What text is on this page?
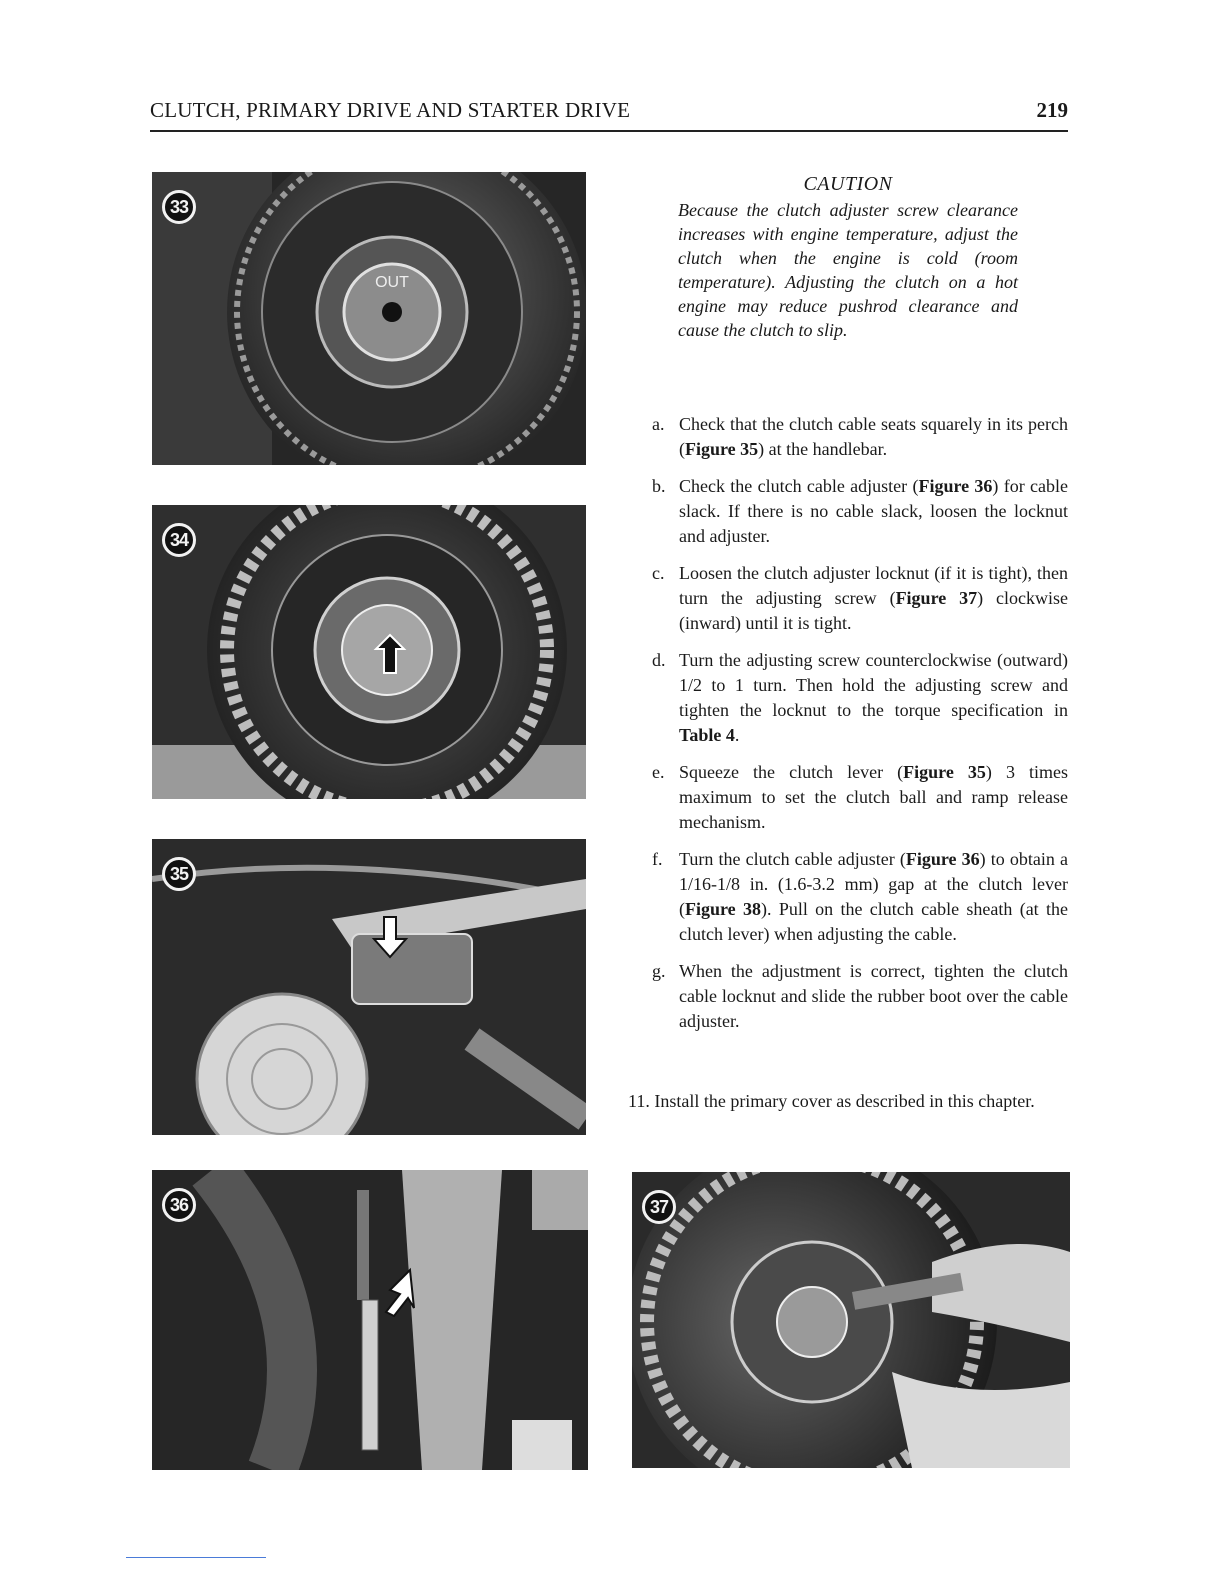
CLUTCH, PRIMARY DRIVE AND STARTER DRIVE	219
OUT
33
34
35
36	37
CAUTION
Because the clutch adjuster screw clearance increases with engine temperature, adjust the clutch when the engine is cold (room temperature). Adjusting the clutch on a hot engine may reduce pushrod clearance and cause the clutch to slip.
a. Check that the clutch cable seats squarely in its perch (Figure 35) at the handlebar.
b. Check the clutch cable adjuster (Figure 36) for cable slack. If there is no cable slack, loosen the locknut and adjuster.
c. Loosen the clutch adjuster locknut (if it is tight), then turn the adjusting screw (Figure 37) clockwise (inward) until it is tight.
d. Turn the adjusting screw counterclockwise (outward) 1/2 to 1 turn. Then hold the adjusting screw and tighten the locknut to the torque specification in Table 4.
e. Squeeze the clutch lever (Figure 35) 3 times maximum to set the clutch ball and ramp release mechanism.
f. Turn the clutch cable adjuster (Figure 36) to obtain a 1/16-1/8 in. (1.6-3.2 mm) gap at the clutch lever (Figure 38). Pull on the clutch cable sheath (at the clutch lever) when adjusting the cable.
g. When the adjustment is correct, tighten the clutch cable locknut and slide the rubber boot over the cable adjuster.
11. Install the primary cover as described in this chapter.
